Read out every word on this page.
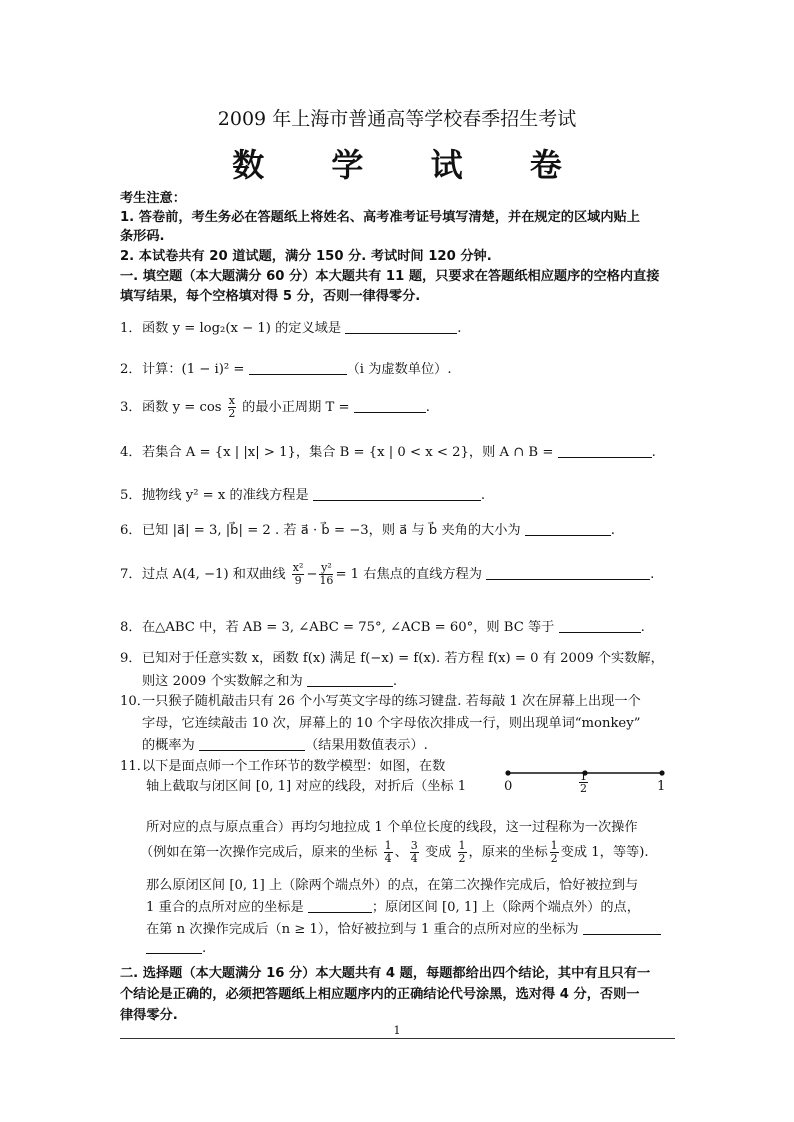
2009 年上海市普通高等学校春季招生考试
数 学 试 卷
考生注意：
1. 答卷前，考生务必在答题纸上将姓名、高考准考证号填写清楚，并在规定的区域内贴上
条形码.
2. 本试卷共有 20 道试题，满分 150 分. 考试时间 120 分钟.
一. 填空题（本大题满分 60 分）本大题共有 11 题，只要求在答题纸相应题序的空格内直接
填写结果，每个空格填对得 5 分，否则一律得零分.
1．函数 y = log₂(x − 1) 的定义域是	.
2．计算：(1 − i)² =	（i 为虚数单位）.
3．函数 $y = \cos \frac{x}{2}$ 的最小正周期 T =	.
4．若集合 A = {x | |x| > 1}，集合 B = {x | 0 < x < 2}，则 A ∩ B =	.
5．抛物线 y² = x 的准线方程是	.
6．已知 |a⃗| = 3, |b⃗| = 2 . 若 a⃗ · b⃗ = −3，则 a⃗ 与 b⃗ 夹角的大小为	.
7．过点 A(4, −1) 和双曲线 $\frac{\text{x²}}{9} - \frac{\text{y²}}{16} = 1$ 右焦点的直线方程为	.
8．在△ABC 中，若 AB = 3, ∠ABC = 75°, ∠ACB = 60°，则 BC 等于	.
9．已知对于任意实数 x，函数 f(x) 满足 f(−x) = f(x). 若方程 f(x) = 0 有 2009 个实数解，
则这 2009 个实数解之和为	.
10．一只猴子随机敲击只有 26 个小写英文字母的练习键盘. 若每敲 1 次在屏幕上出现一个
字母，它连续敲击 10 次，屏幕上的 10 个字母依次排成一行，则出现单词“monkey”
的概率为	（结果用数值表示）.
11．以下是面点师一个工作环节的数学模型：如图，在数
轴上截取与闭区间 [0, 1] 对应的线段，对折后（坐标 1	0	$\frac{1}{2}$	1
所对应的点与原点重合）再均匀地拉成 1 个单位长度的线段，这一过程称为一次操作
（例如在第一次操作完成后，原来的坐标 $\frac{1}{4}$ 、 $\frac{3}{4}$ 变成 $\frac{1}{2}$ ，原来的坐标 $\frac{1}{2}$ 变成 1，等等).
那么原闭区间 [0, 1] 上（除两个端点外）的点，在第二次操作完成后，恰好被拉到与
1 重合的点所对应的坐标是	；原闭区间 [0, 1] 上（除两个端点外）的点，
在第 n 次操作完成后（n ≥ 1），恰好被拉到与 1 重合的点所对应的坐标为
.
二. 选择题（本大题满分 16 分）本大题共有 4 题，每题都给出四个结论，其中有且只有一
个结论是正确的，必须把答题纸上相应题序内的正确结论代号涂黑，选对得 4 分，否则一
律得零分.
1
